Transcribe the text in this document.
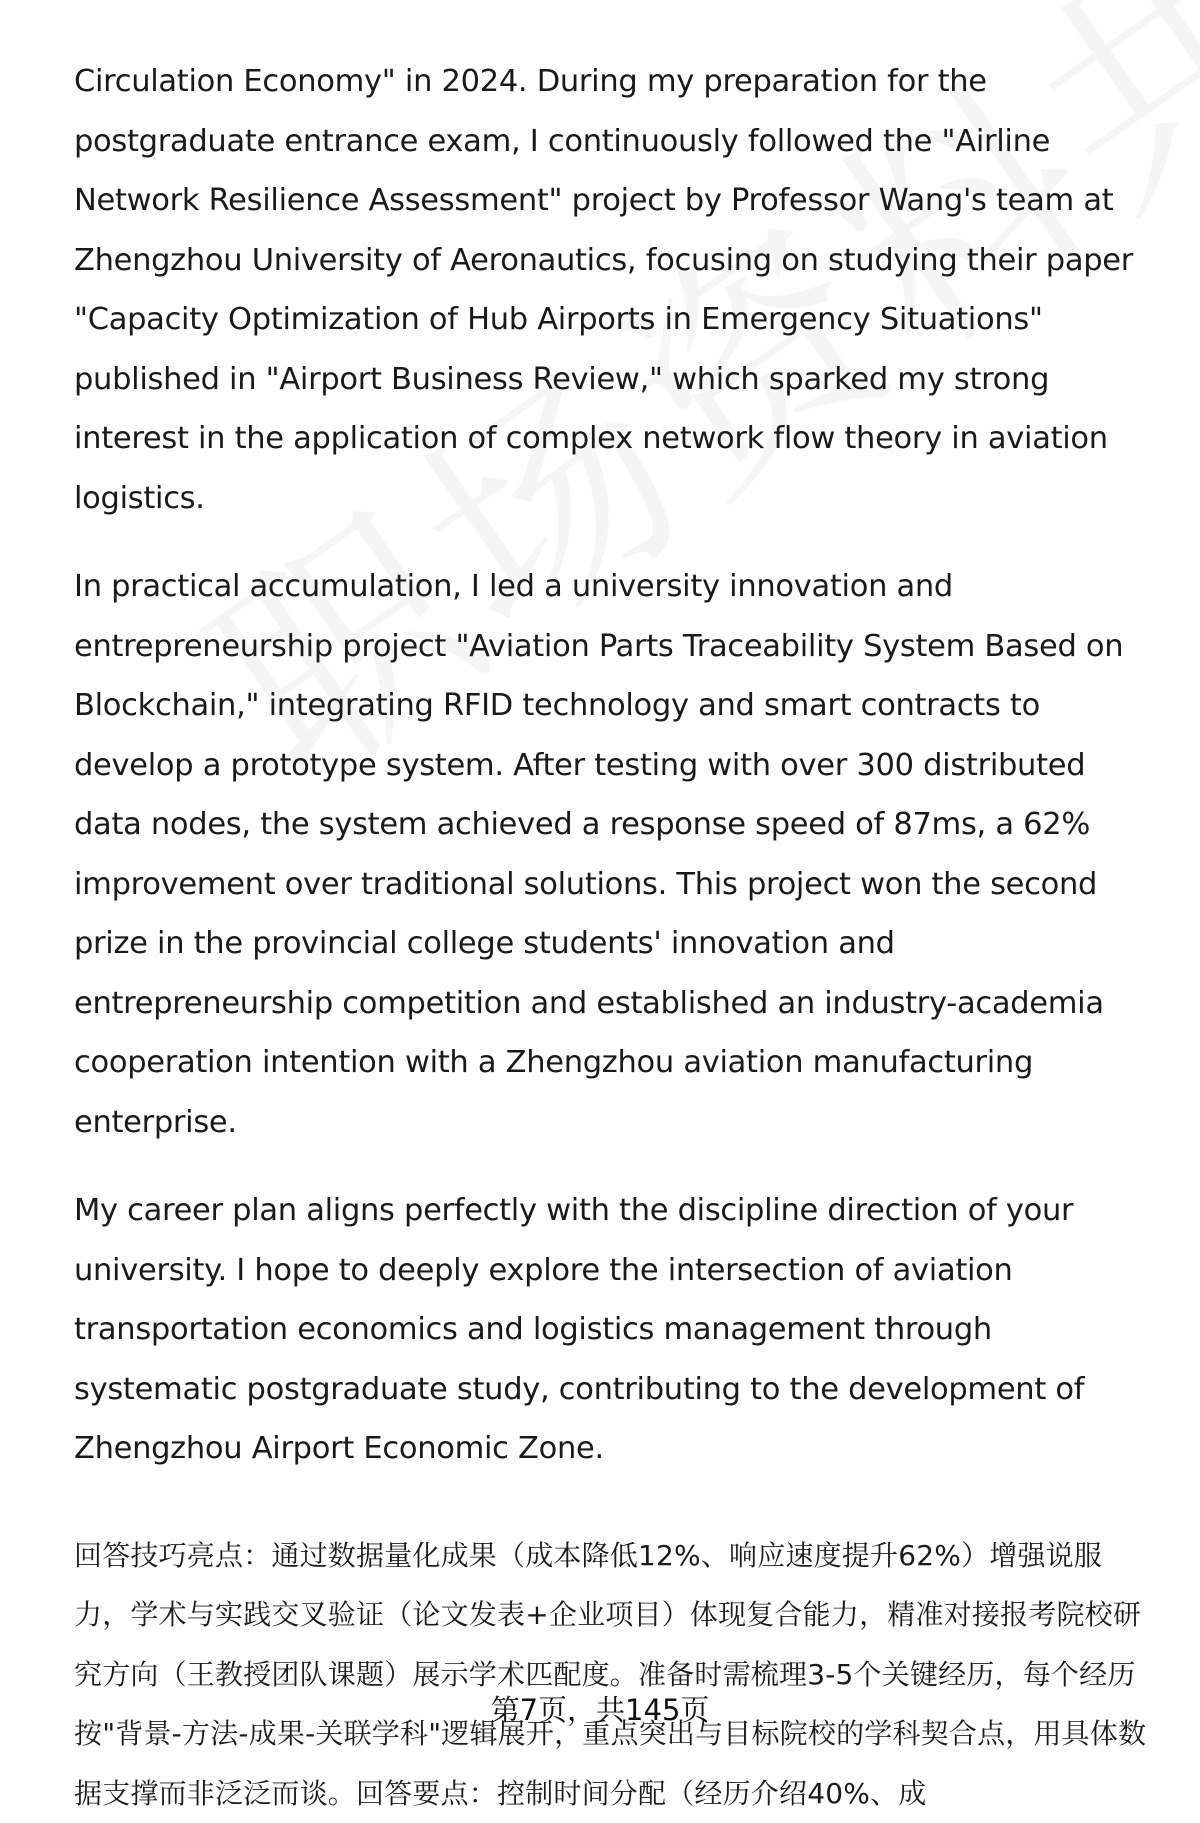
Circulation Economy" in 2024. During my preparation for the postgraduate entrance exam, I continuously followed the "Airline Network Resilience Assessment" project by Professor Wang's team at Zhengzhou University of Aeronautics, focusing on studying their paper "Capacity Optimization of Hub Airports in Emergency Situations" published in "Airport Business Review," which sparked my strong interest in the application of complex network flow theory in aviation logistics.

In practical accumulation, I led a university innovation and entrepreneurship project "Aviation Parts Traceability System Based on Blockchain," integrating RFID technology and smart contracts to develop a prototype system. After testing with over 300 distributed data nodes, the system achieved a response speed of 87ms, a 62% improvement over traditional solutions. This project won the second prize in the provincial college students' innovation and entrepreneurship competition and established an industry-academia cooperation intention with a Zhengzhou aviation manufacturing enterprise.

My career plan aligns perfectly with the discipline direction of your university. I hope to deeply explore the intersection of aviation transportation economics and logistics management through systematic postgraduate study, contributing to the development of Zhengzhou Airport Economic Zone.

回答技巧亮点：通过数据量化成果（成本降低12%、响应速度提升62%）增强说服力，学术与实践交叉验证（论文发表+企业项目）体现复合能力，精准对接报考院校研究方向（王教授团队课题）展示学术匹配度。准备时需梳理3-5个关键经历，每个经历按"背景-方法-成果-关联学科"逻辑展开，重点突出与目标院校的学科契合点，用具体数据支撑而非泛泛而谈。回答要点：控制时间分配（经历介绍40%、成

第7页，共145页
